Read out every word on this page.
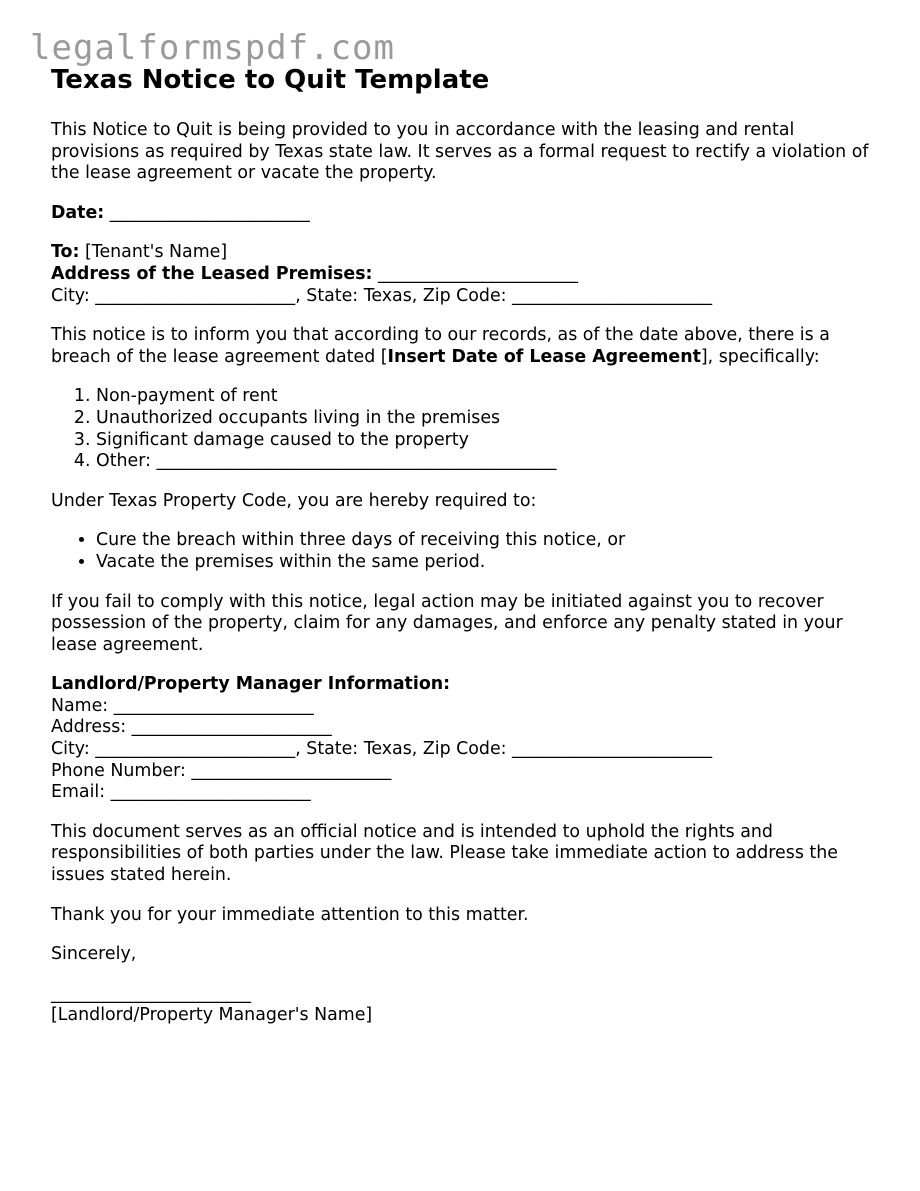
legalformspdf.com
Texas Notice to Quit Template

This Notice to Quit is being provided to you in accordance with the leasing and rental provisions as required by Texas state law. It serves as a formal request to rectify a violation of the lease agreement or vacate the property.

Date: _______________________

To: [Tenant's Name]
Address of the Leased Premises: _______________________
City: _______________________, State: Texas, Zip Code: _______________________

This notice is to inform you that according to our records, as of the date above, there is a breach of the lease agreement dated [Insert Date of Lease Agreement], specifically:

1. Non-payment of rent
2. Unauthorized occupants living in the premises
3. Significant damage caused to the property
4. Other: ______________________________________________

Under Texas Property Code, you are hereby required to:

• Cure the breach within three days of receiving this notice, or
• Vacate the premises within the same period.

If you fail to comply with this notice, legal action may be initiated against you to recover possession of the property, claim for any damages, and enforce any penalty stated in your lease agreement.

Landlord/Property Manager Information:
Name: _______________________
Address: _______________________
City: _______________________, State: Texas, Zip Code: _______________________
Phone Number: _______________________
Email: _______________________

This document serves as an official notice and is intended to uphold the rights and responsibilities of both parties under the law. Please take immediate action to address the issues stated herein.

Thank you for your immediate attention to this matter.

Sincerely,

_______________________
[Landlord/Property Manager's Name]
